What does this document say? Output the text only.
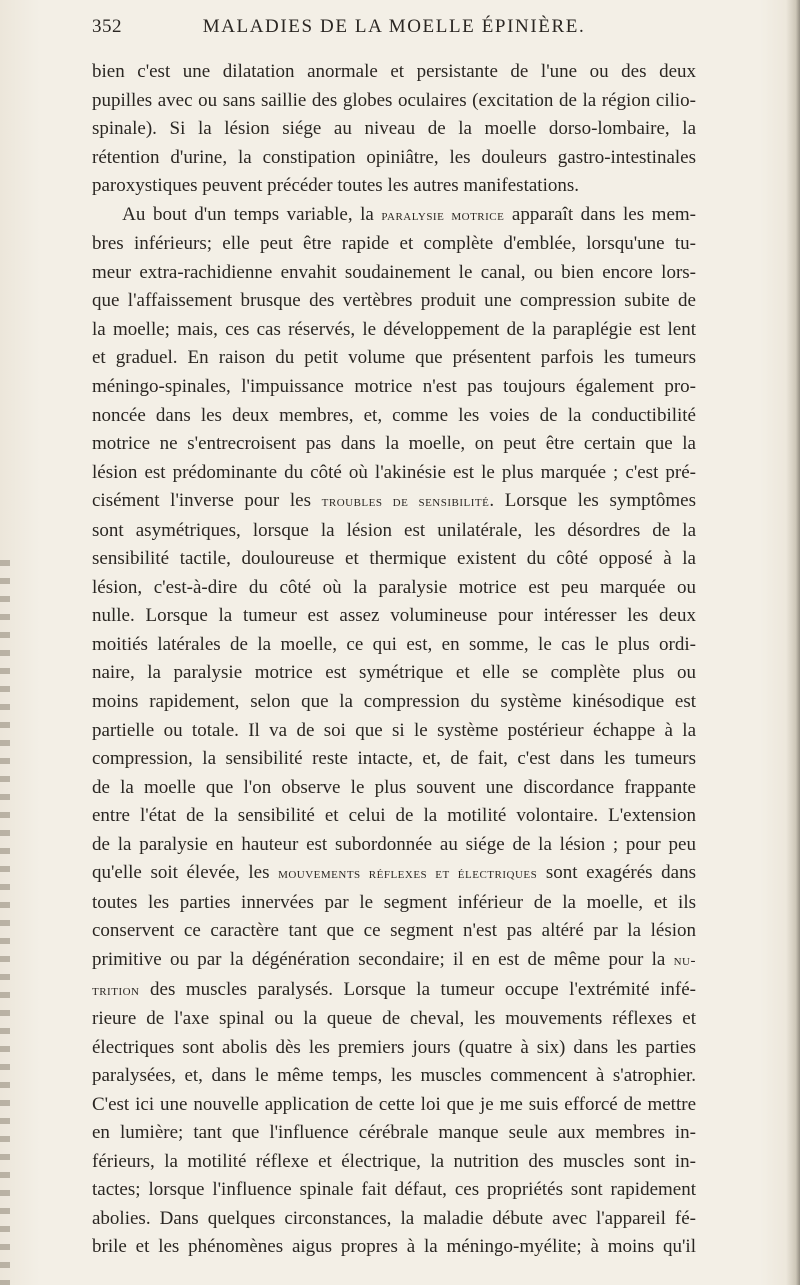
352	MALADIES DE LA MOELLE ÉPINIÈRE.

bien c'est une dilatation anormale et persistante de l'une ou des deux

pupilles avec ou sans saillie des globes oculaires (excitation de la région cilio-

spinale). Si la lésion siége au niveau de la moelle dorso-lombaire, la

rétention d'urine, la constipation opiniâtre, les douleurs gastro-intestinales

paroxystiques peuvent précéder toutes les autres manifestations.

Au bout d'un temps variable, la paralysie motrice apparaît dans les mem-

bres inférieurs; elle peut être rapide et complète d'emblée, lorsqu'une tu-

meur extra-rachidienne envahit soudainement le canal, ou bien encore lors-

que l'affaissement brusque des vertèbres produit une compression subite de

la moelle; mais, ces cas réservés, le développement de la paraplégie est lent

et graduel. En raison du petit volume que présentent parfois les tumeurs

méningo-spinales, l'impuissance motrice n'est pas toujours également pro-

noncée dans les deux membres, et, comme les voies de la conductibilité

motrice ne s'entrecroisent pas dans la moelle, on peut être certain que la

lésion est prédominante du côté où l'akinésie est le plus marquée ; c'est pré-

cisément l'inverse pour les troubles de sensibilité. Lorsque les symptômes

sont asymétriques, lorsque la lésion est unilatérale, les désordres de la

sensibilité tactile, douloureuse et thermique existent du côté opposé à la

lésion, c'est-à-dire du côté où la paralysie motrice est peu marquée ou

nulle. Lorsque la tumeur est assez volumineuse pour intéresser les deux

moitiés latérales de la moelle, ce qui est, en somme, le cas le plus ordi-

naire, la paralysie motrice est symétrique et elle se complète plus ou

moins rapidement, selon que la compression du système kinésodique est

partielle ou totale. Il va de soi que si le système postérieur échappe à la

compression, la sensibilité reste intacte, et, de fait, c'est dans les tumeurs

de la moelle que l'on observe le plus souvent une discordance frappante

entre l'état de la sensibilité et celui de la motilité volontaire. L'extension

de la paralysie en hauteur est subordonnée au siége de la lésion ; pour peu

qu'elle soit élevée, les mouvements réflexes et électriques sont exagérés dans

toutes les parties innervées par le segment inférieur de la moelle, et ils

conservent ce caractère tant que ce segment n'est pas altéré par la lésion

primitive ou par la dégénération secondaire; il en est de même pour la nu-

trition des muscles paralysés. Lorsque la tumeur occupe l'extrémité infé-

rieure de l'axe spinal ou la queue de cheval, les mouvements réflexes et

électriques sont abolis dès les premiers jours (quatre à six) dans les parties

paralysées, et, dans le même temps, les muscles commencent à s'atrophier.

C'est ici une nouvelle application de cette loi que je me suis efforcé de mettre

en lumière; tant que l'influence cérébrale manque seule aux membres in-

férieurs, la motilité réflexe et électrique, la nutrition des muscles sont in-

tactes; lorsque l'influence spinale fait défaut, ces propriétés sont rapidement

abolies. Dans quelques circonstances, la maladie débute avec l'appareil fé-

brile et les phénomènes aigus propres à la méningo-myélite; à moins qu'il
